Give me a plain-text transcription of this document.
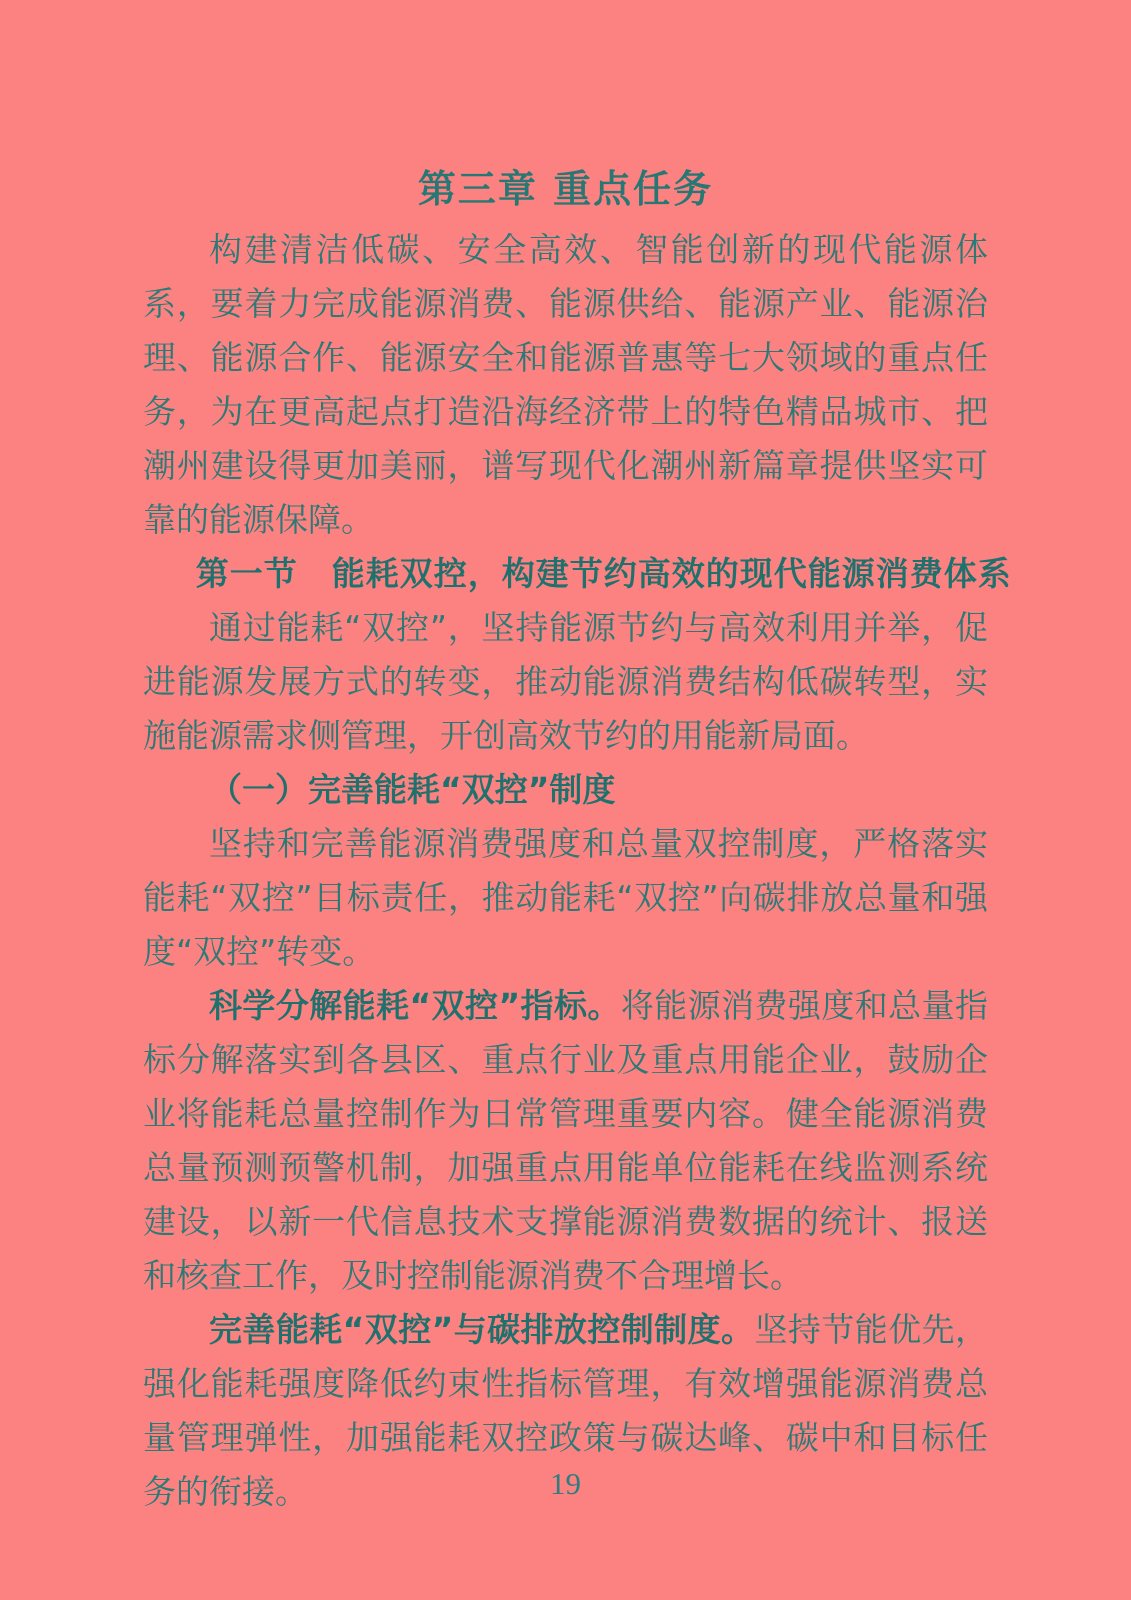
第三章 重点任务

构建清洁低碳、安全高效、智能创新的现代能源体系，要着力完成能源消费、能源供给、能源产业、能源治理、能源合作、能源安全和能源普惠等七大领域的重点任务，为在更高起点打造沿海经济带上的特色精品城市、把潮州建设得更加美丽，谱写现代化潮州新篇章提供坚实可靠的能源保障。

第一节　能耗双控，构建节约高效的现代能源消费体系

通过能耗“双控”，坚持能源节约与高效利用并举，促进能源发展方式的转变，推动能源消费结构低碳转型，实施能源需求侧管理，开创高效节约的用能新局面。

（一）完善能耗“双控”制度

坚持和完善能源消费强度和总量双控制度，严格落实能耗“双控”目标责任，推动能耗“双控”向碳排放总量和强度“双控”转变。

科学分解能耗“双控”指标。将能源消费强度和总量指标分解落实到各县区、重点行业及重点用能企业，鼓励企业将能耗总量控制作为日常管理重要内容。健全能源消费总量预测预警机制，加强重点用能单位能耗在线监测系统建设，以新一代信息技术支撑能源消费数据的统计、报送和核查工作，及时控制能源消费不合理增长。

完善能耗“双控”与碳排放控制制度。坚持节能优先，强化能耗强度降低约束性指标管理，有效增强能源消费总量管理弹性，加强能耗双控政策与碳达峰、碳中和目标任务的衔接。	19
